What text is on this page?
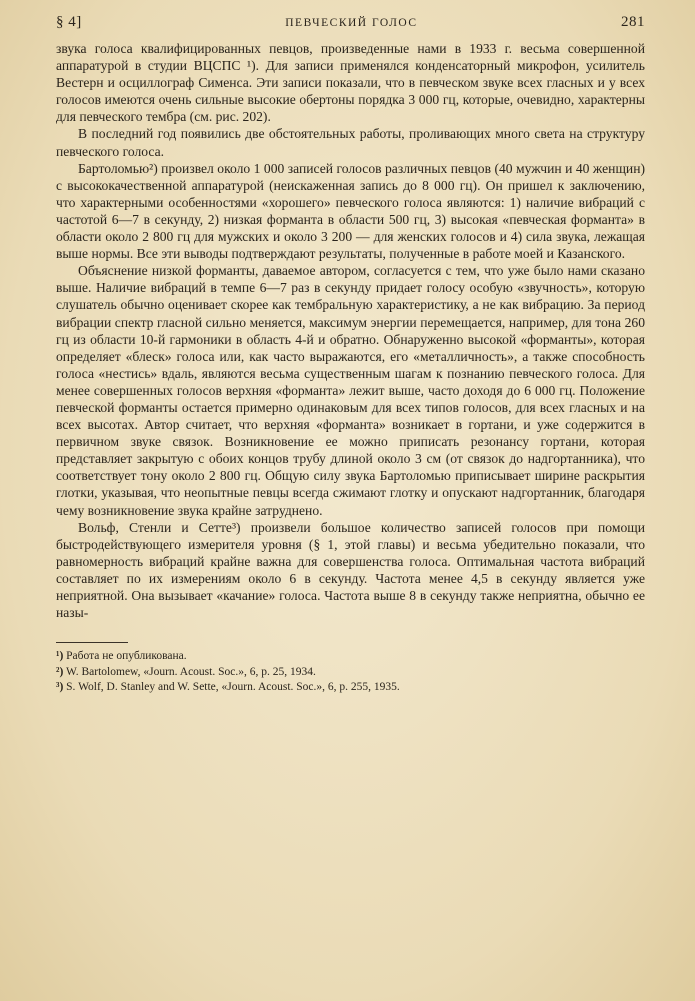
§ 4]	ПЕВЧЕСКИЙ ГОЛОС	281

звука голоса квалифицированных певцов, произведенные нами в 1933 г. весьма совершенной аппаратурой в студии ВЦСПС ¹). Для записи применялся конденсаторный микрофон, усилитель Вестерн и осциллограф Сименса. Эти записи показали, что в певческом звуке всех гласных и у всех голосов имеются очень сильные высокие обертоны порядка 3 000 гц, которые, очевидно, характерны для певческого тембра (см. рис. 202).

В последний год появились две обстоятельных работы, проливающих много света на структуру певческого голоса.

Бартоломью²) произвел около 1 000 записей голосов различных певцов (40 мужчин и 40 женщин) с высококачественной аппаратурой (неискаженная запись до 8 000 гц). Он пришел к заключению, что характерными особенностями «хорошего» певческого голоса являются: 1) наличие вибраций с частотой 6—7 в секунду, 2) низкая форманта в области 500 гц, 3) высокая «певческая форманта» в области около 2 800 гц для мужских и около 3 200 — для женских голосов и 4) сила звука, лежащая выше нормы. Все эти выводы подтверждают результаты, полученные в работе моей и Казанского.

Объяснение низкой форманты, даваемое автором, согласуется с тем, что уже было нами сказано выше. Наличие вибраций в темпе 6—7 раз в секунду придает голосу особую «звучность», которую слушатель обычно оценивает скорее как тембральную характеристику, а не как вибрацию. За период вибрации спектр гласной сильно меняется, максимум энергии перемещается, например, для тона 260 гц из области 10-й гармоники в область 4-й и обратно. Обнаруженно высокой «форманты», которая определяет «блеск» голоса или, как часто выражаются, его «металличность», а также способность голоса «нестись» вдаль, являются весьма существенным шагам к познанию певческого голоса. Для менее совершенных голосов верхняя «форманта» лежит выше, часто доходя до 6 000 гц. Положение певческой форманты остается примерно одинаковым для всех типов голосов, для всех гласных и на всех высотах. Автор считает, что верхняя «форманта» возникает в гортани, и уже содержится в первичном звуке связок. Возникновение ее можно приписать резонансу гортани, которая представляет закрытую с обоих концов трубу длиной около 3 см (от связок до надгортанника), что соответствует тону около 2 800 гц. Общую силу звука Бартоломью приписывает ширине раскрытия глотки, указывая, что неопытные певцы всегда сжимают глотку и опускают надгортанник, благодаря чему возникновение звука крайне затруднено.

Вольф, Стенли и Сетте³) произвели большое количество записей голосов при помощи быстродействующего измерителя уровня (§ 1, этой главы) и весьма убедительно показали, что равномерность вибраций крайне важна для совершенства голоса. Оптимальная частота вибраций составляет по их измерениям около 6 в секунду. Частота менее 4,5 в секунду является уже неприятной. Она вызывает «качание» голоса. Частота выше 8 в секунду также неприятна, обычно ее назы-

¹) Работа не опубликована.
²) W. Bartolomew, «Journ. Acoust. Soc.», 6, p. 25, 1934.
³) S. Wolf, D. Stanley and W. Sette, «Journ. Acoust. Soc.», 6, p. 255, 1935.
